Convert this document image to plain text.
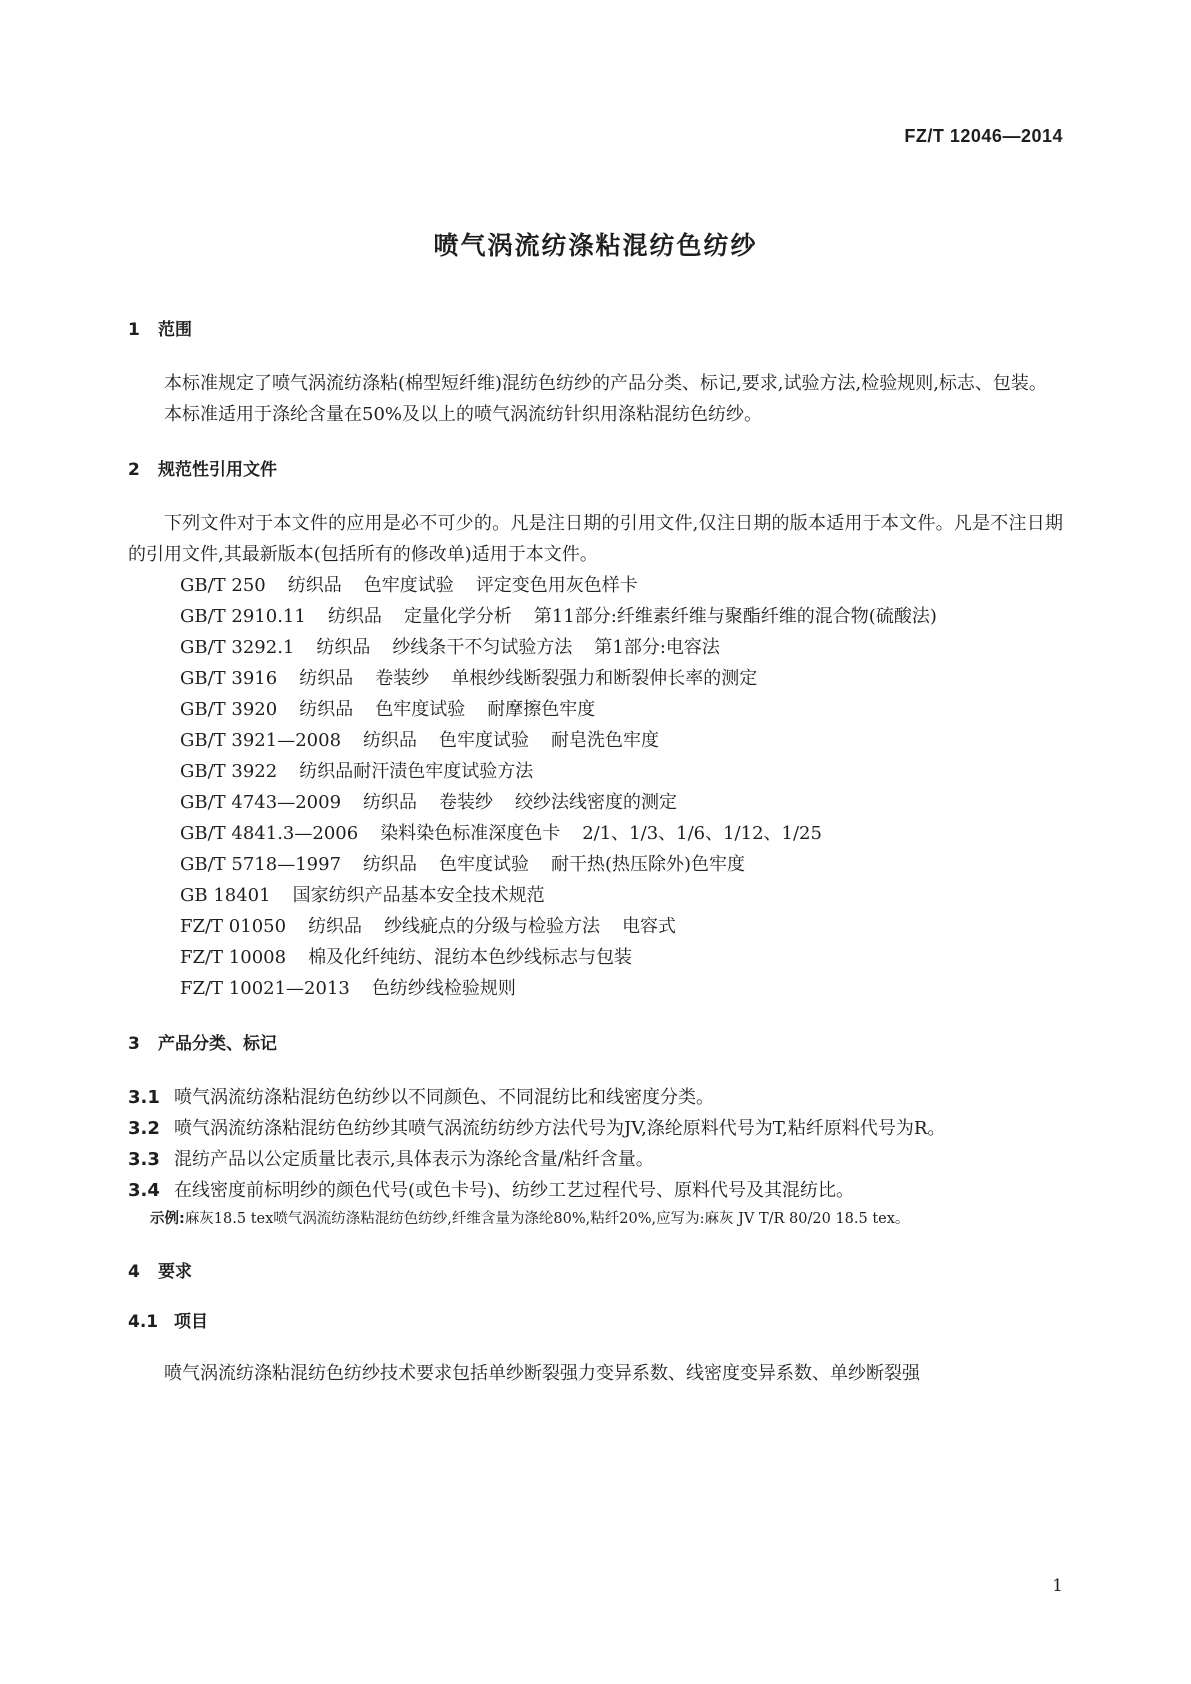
FZ/T 12046—2014
喷气涡流纺涤粘混纺色纺纱
1 范围
本标准规定了喷气涡流纺涤粘(棉型短纤维)混纺色纺纱的产品分类、标记,要求,试验方法,检验规则,标志、包装。
本标准适用于涤纶含量在50%及以上的喷气涡流纺针织用涤粘混纺色纺纱。
2 规范性引用文件
下列文件对于本文件的应用是必不可少的。凡是注日期的引用文件,仅注日期的版本适用于本文件。凡是不注日期的引用文件,其最新版本(包括所有的修改单)适用于本文件。
GB/T 250 纺织品 色牢度试验 评定变色用灰色样卡
GB/T 2910.11 纺织品 定量化学分析 第11部分:纤维素纤维与聚酯纤维的混合物(硫酸法)
GB/T 3292.1 纺织品 纱线条干不匀试验方法 第1部分:电容法
GB/T 3916 纺织品 卷装纱 单根纱线断裂强力和断裂伸长率的测定
GB/T 3920 纺织品 色牢度试验 耐摩擦色牢度
GB/T 3921—2008 纺织品 色牢度试验 耐皂洗色牢度
GB/T 3922 纺织品耐汗渍色牢度试验方法
GB/T 4743—2009 纺织品 卷装纱 绞纱法线密度的测定
GB/T 4841.3—2006 染料染色标准深度色卡 2/1、1/3、1/6、1/12、1/25
GB/T 5718—1997 纺织品 色牢度试验 耐干热(热压除外)色牢度
GB 18401 国家纺织产品基本安全技术规范
FZ/T 01050 纺织品 纱线疵点的分级与检验方法 电容式
FZ/T 10008 棉及化纤纯纺、混纺本色纱线标志与包装
FZ/T 10021—2013 色纺纱线检验规则
3 产品分类、标记
3.1 喷气涡流纺涤粘混纺色纺纱以不同颜色、不同混纺比和线密度分类。
3.2 喷气涡流纺涤粘混纺色纺纱其喷气涡流纺纺纱方法代号为JV,涤纶原料代号为T,粘纤原料代号为R。
3.3 混纺产品以公定质量比表示,具体表示为涤纶含量/粘纤含量。
3.4 在线密度前标明纱的颜色代号(或色卡号)、纺纱工艺过程代号、原料代号及其混纺比。
示例:麻灰18.5 tex喷气涡流纺涤粘混纺色纺纱,纤维含量为涤纶80%,粘纤20%,应写为:麻灰 JV T/R 80/20 18.5 tex。
4 要求
4.1 项目
喷气涡流纺涤粘混纺色纺纱技术要求包括单纱断裂强力变异系数、线密度变异系数、单纱断裂强
1
